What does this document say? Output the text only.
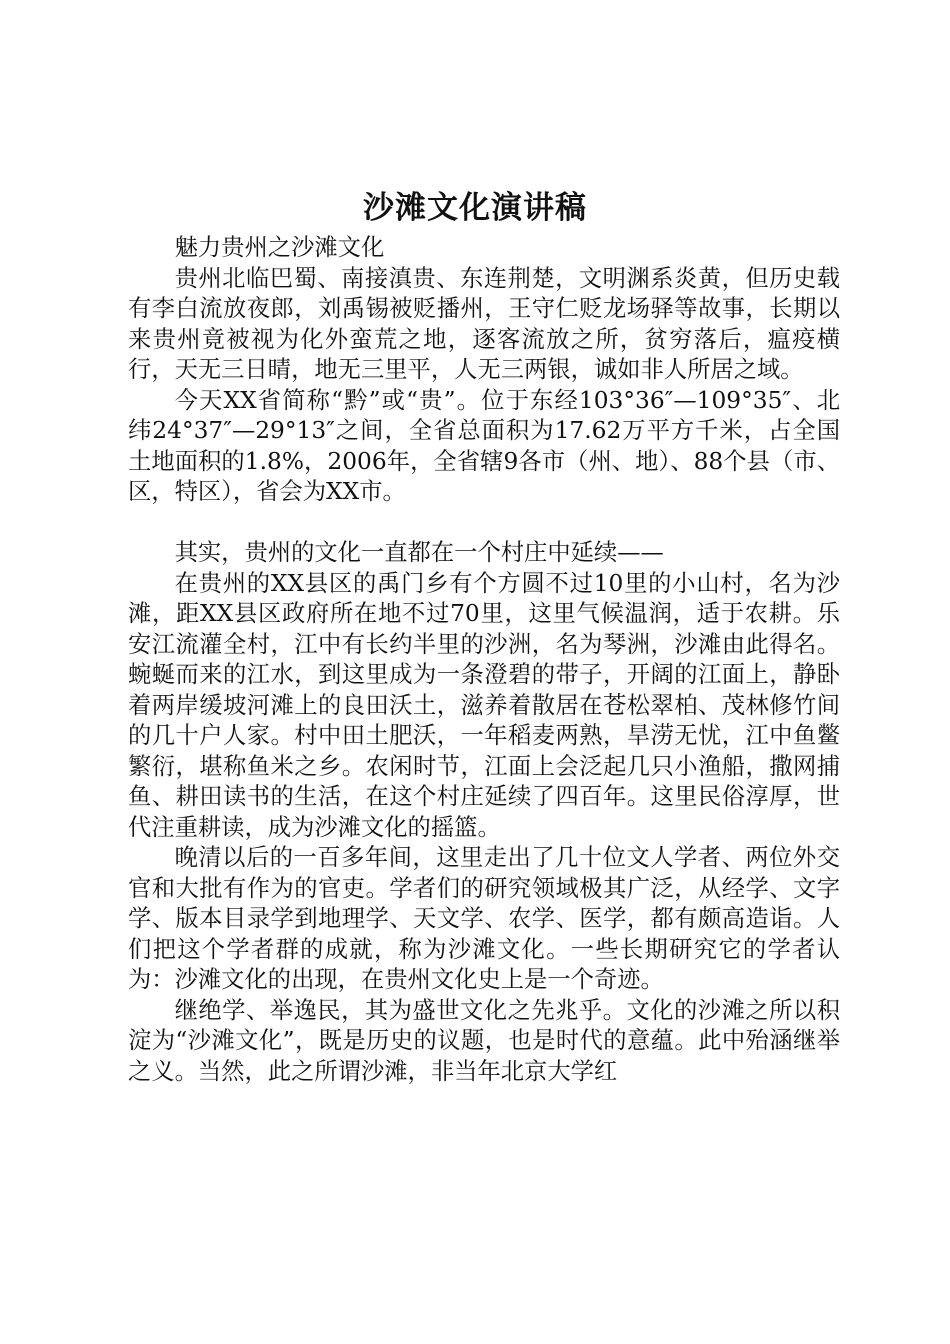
沙滩文化演讲稿

魅力贵州之沙滩文化

贵州北临巴蜀、南接滇贵、东连荆楚，文明渊系炎黄，但历史载有李白流放夜郎，刘禹锡被贬播州，王守仁贬龙场驿等故事，长期以来贵州竟被视为化外蛮荒之地，逐客流放之所，贫穷落后，瘟疫横行，天无三日晴，地无三里平，人无三两银，诚如非人所居之域。

今天XX省简称“黔”或“贵”。位于东经103°36″—109°35″、北纬24°37″—29°13″之间，全省总面积为17.62万平方千米，占全国土地面积的1.8%，2006年，全省辖9各市（州、地）、88个县（市、区，特区），省会为XX市。

其实，贵州的文化一直都在一个村庄中延续——

在贵州的XX县区的禹门乡有个方圆不过10里的小山村，名为沙滩，距XX县区政府所在地不过70里，这里气候温润，适于农耕。乐安江流灌全村，江中有长约半里的沙洲，名为琴洲，沙滩由此得名。蜿蜒而来的江水，到这里成为一条澄碧的带子，开阔的江面上，静卧着两岸缓坡河滩上的良田沃土，滋养着散居在苍松翠柏、茂林修竹间的几十户人家。村中田土肥沃，一年稻麦两熟，旱涝无忧，江中鱼鳖繁衍，堪称鱼米之乡。农闲时节，江面上会泛起几只小渔船，撒网捕鱼、耕田读书的生活，在这个村庄延续了四百年。这里民俗淳厚，世代注重耕读，成为沙滩文化的摇篮。

晚清以后的一百多年间，这里走出了几十位文人学者、两位外交官和大批有作为的官吏。学者们的研究领域极其广泛，从经学、文字学、版本目录学到地理学、天文学、农学、医学，都有颇高造诣。人们把这个学者群的成就，称为沙滩文化。一些长期研究它的学者认为：沙滩文化的出现，在贵州文化史上是一个奇迹。

继绝学、举逸民，其为盛世文化之先兆乎。文化的沙滩之所以积淀为“沙滩文化”，既是历史的议题，也是时代的意蕴。此中殆涵继举之义。当然，此之所谓沙滩，非当年北京大学红
